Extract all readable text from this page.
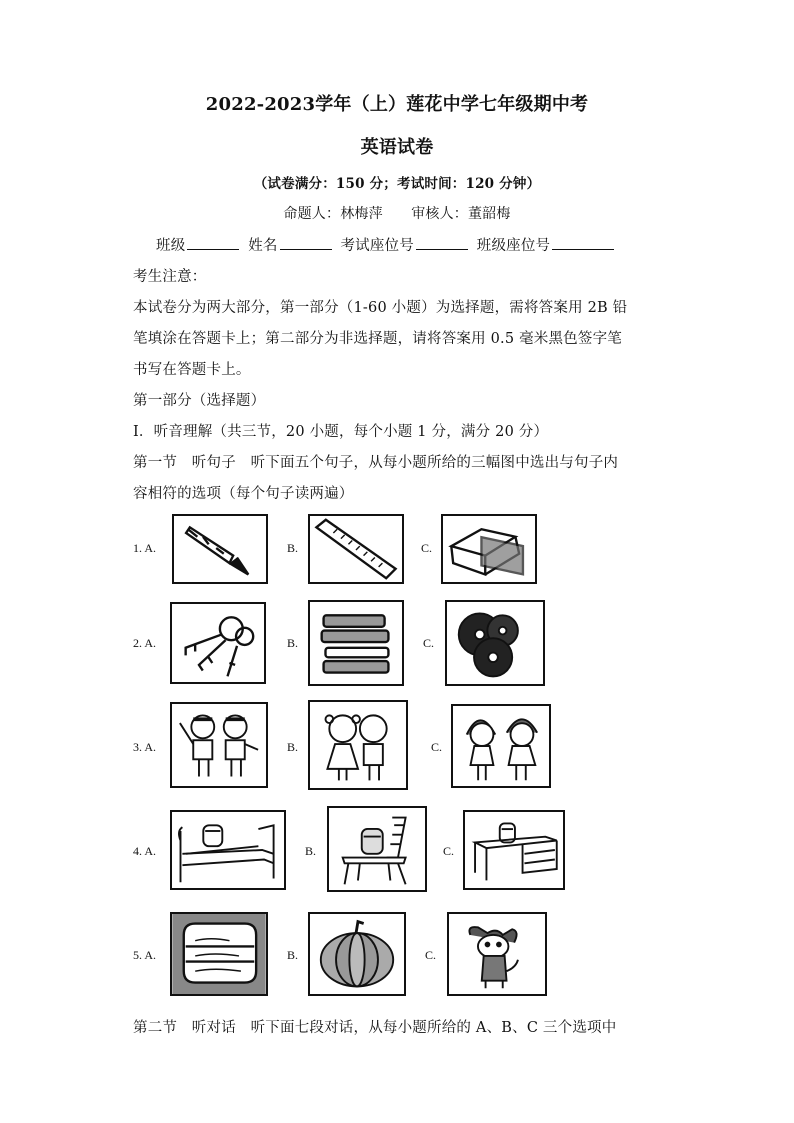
2022-2023学年（上）莲花中学七年级期中考
英语试卷
（试卷满分：150 分；考试时间：120 分钟）
命题人：林梅萍　　审核人：董韶梅
班级	姓名	考试座位号	班级座位号
考生注意：
本试卷分为两大部分，第一部分（1-60 小题）为选择题，需将答案用 2B 铅
笔填涂在答题卡上；第二部分为非选择题，请将答案用 0.5 毫米黑色签字笔
书写在答题卡上。
第一部分（选择题）
Ⅰ．听音理解（共三节，20 小题，每个小题 1 分，满分 20 分）
第一节　听句子　听下面五个句子，从每小题所给的三幅图中选出与句子内
容相符的选项（每个句子读两遍）
1. A.	B.	C.
2. A.	B.	C.
3. A.	B.	C.
4. A.	B.	C.
5. A.	B.	C.
第二节　听对话　听下面七段对话，从每小题所给的 A、B、C 三个选项中
